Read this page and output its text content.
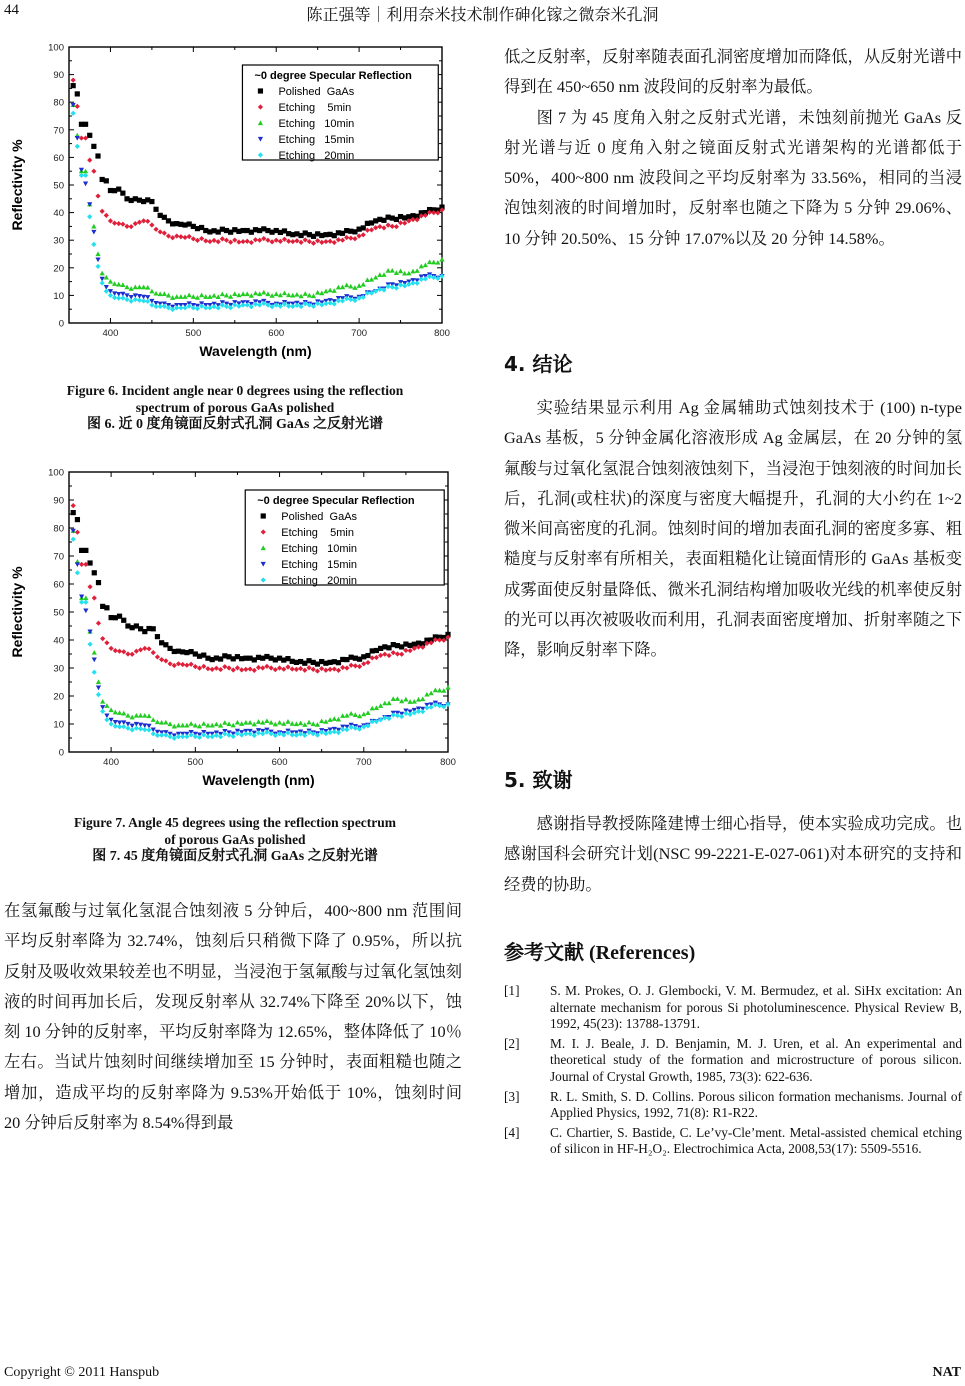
44	陈正强等｜利用奈米技术制作砷化镓之微奈米孔洞
0
10
20
30
40
50
60
70
80
90
100
400	500	600	700	800
Wavelength (nm)
Reflectivity %
~0 degree Specular Reflection
Polished  GaAs
Etching    5min
Etching   10min
Etching   15min
Etching   20min
Figure 6. Incident angle near 0 degrees using the reflection
spectrum of porous GaAs polished
图 6. 近 0 度角镜面反射式孔洞 GaAs 之反射光谱
0
10
20
30
40
50
60
70
80
90
100
400	500	600	700	800
Wavelength (nm)
Reflectivity %
~0 degree Specular Reflection
Polished  GaAs
Etching    5min
Etching   10min
Etching   15min
Etching   20min
Figure 7. Angle 45 degrees using the reflection spectrum
of porous GaAs polished
图 7. 45 度角镜面反射式孔洞 GaAs 之反射光谱

在氢氟酸与过氧化氢混合蚀刻液 5 分钟后，400~800 nm 范围间平均反射率降为 32.74%，蚀刻后只稍微下降了 0.95%，所以抗反射及吸收效果较差也不明显，当浸泡于氢氟酸与过氧化氢蚀刻液的时间再加长后，发现反射率从 32.74%下降至 20%以下，蚀刻 10 分钟的反射率，平均反射率降为 12.65%，整体降低了 10％左右。当试片蚀刻时间继续增加至 15 分钟时，表面粗糙也随之增加，造成平均的反射率降为 9.53%开始低于 10%，蚀刻时间 20 分钟后反射率为 8.54%得到最

低之反射率，反射率随表面孔洞密度增加而降低，从反射光谱中得到在 450~650 nm 波段间的反射率为最低。

图 7 为 45 度角入射之反射式光谱，未蚀刻前抛光 GaAs 反射光谱与近 0 度角入射之镜面反射式光谱架构的光谱都低于 50%，400~800 nm 波段间之平均反射率为 33.56%，相同的当浸泡蚀刻液的时间增加时，反射率也随之下降为 5 分钟 29.06%、10 分钟 20.50%、15 分钟 17.07%以及 20 分钟 14.58%。

4. 结论

实验结果显示利用 Ag 金属辅助式蚀刻技术于 (100) n-type GaAs 基板，5 分钟金属化溶液形成 Ag 金属层，在 20 分钟的氢氟酸与过氧化氢混合蚀刻液蚀刻下，当浸泡于蚀刻液的时间加长后，孔洞(或柱状)的深度与密度大幅提升，孔洞的大小约在 1~2 微米间高密度的孔洞。蚀刻时间的增加表面孔洞的密度多寡、粗糙度与反射率有所相关，表面粗糙化让镜面情形的 GaAs 基板变成雾面使反射量降低、微米孔洞结构增加吸收光线的机率使反射的光可以再次被吸收而利用，孔洞表面密度增加、折射率随之下降，影响反射率下降。

5. 致谢

感谢指导教授陈隆建博士细心指导，使本实验成功完成。也感谢国科会研究计划(NSC 99-2221-E-027-061)对本研究的支持和经费的协助。

参考文献 (References)

[1] S. M. Prokes, O. J. Glembocki, V. M. Bermudez, et al. SiHx excitation: An alternate mechanism for porous Si photoluminescence. Physical Review B, 1992, 45(23): 13788-13791.

[2] M. I. J. Beale, J. D. Benjamin, M. J. Uren, et al. An experimental and theoretical study of the formation and microstructure of porous silicon. Journal of Crystal Growth, 1985, 73(3): 622-636.

[3] R. L. Smith, S. D. Collins. Porous silicon formation mechanisms. Journal of Applied Physics, 1992, 71(8): R1-R22.

[4] C. Chartier, S. Bastide, C. Le’vy-Cle’ment. Metal-assisted chemical etching of silicon in HF-H₂O₂. Electrochimica Acta, 2008,53(17): 5509-5516.

Copyright © 2011 Hanspub	NAT
